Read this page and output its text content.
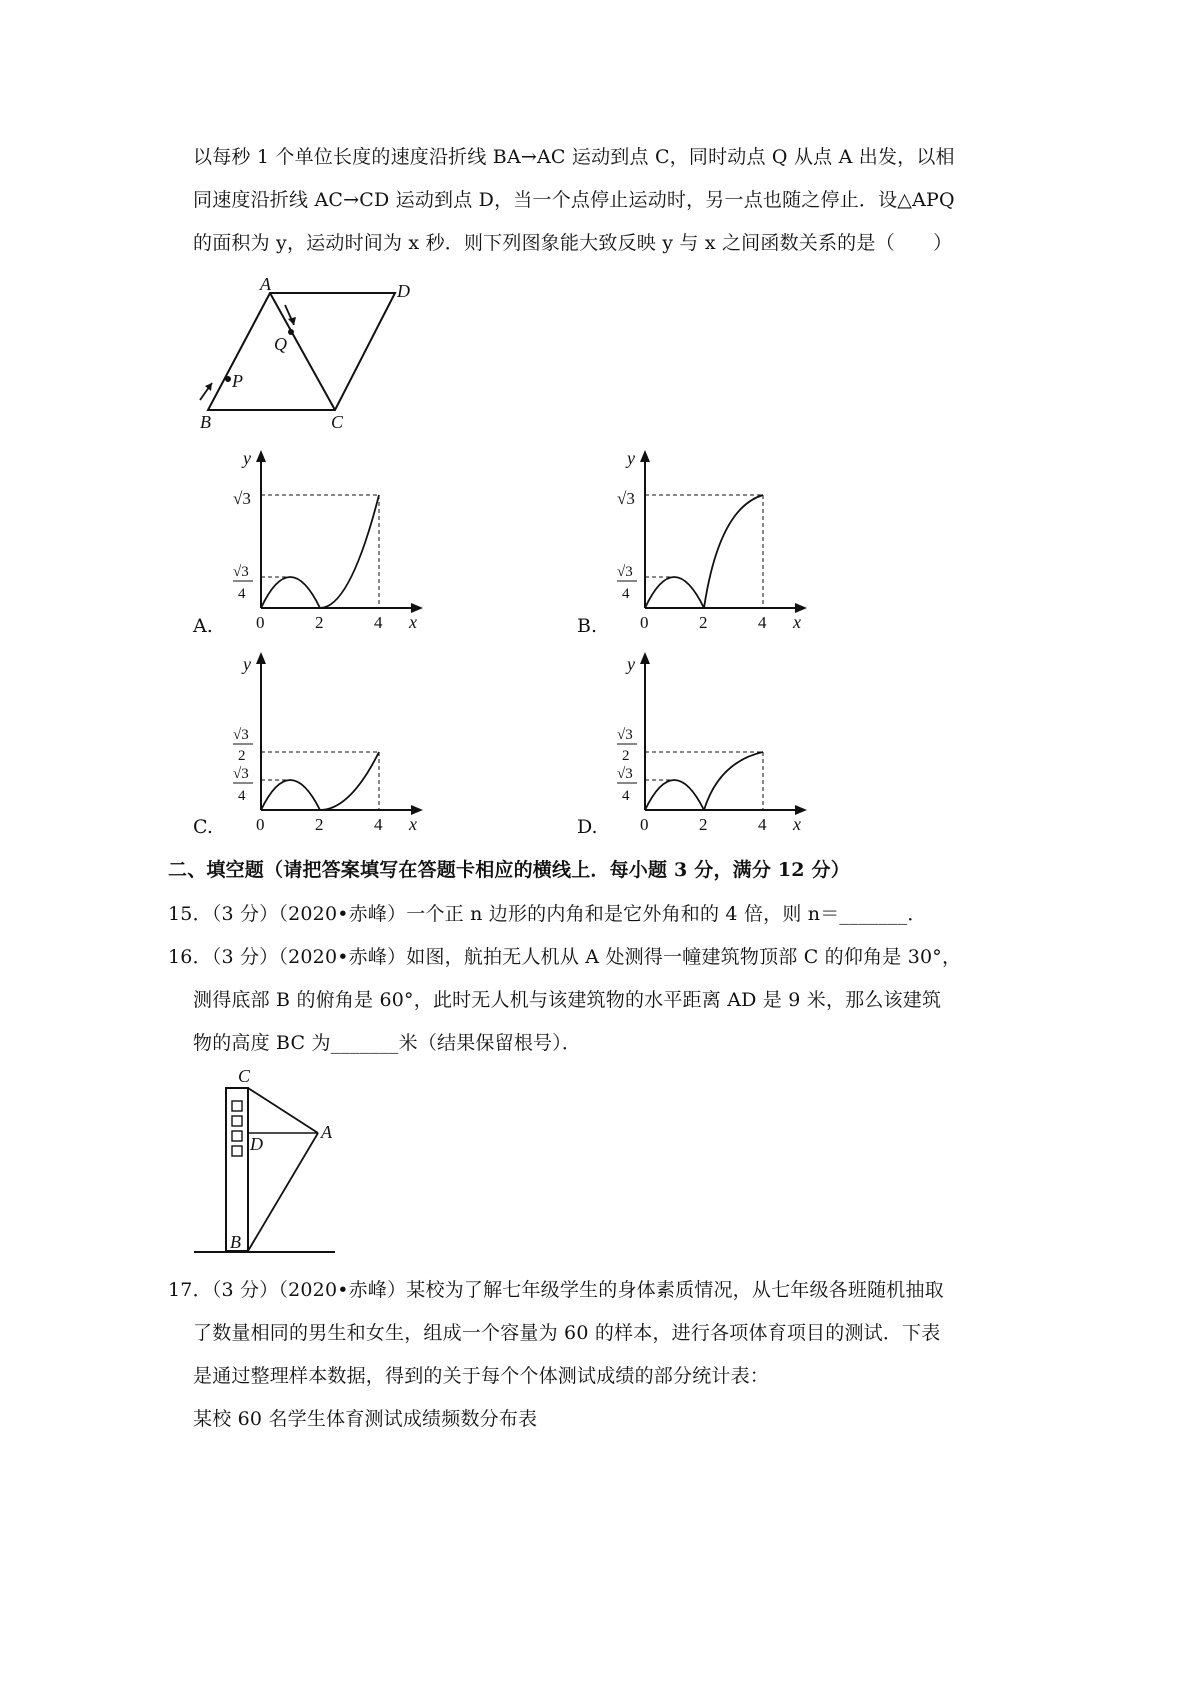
以每秒 1 个单位长度的速度沿折线 BA→AC 运动到点 C，同时动点 Q 从点 A 出发，以相
同速度沿折线 AC→CD 运动到点 D，当一个点停止运动时，另一点也随之停止．设△APQ
的面积为 y，运动时间为 x 秒．则下列图象能大致反映 y 与 x 之间函数关系的是（　　）
A	D
Q
P
B	C
A.	B.
C.	D.
y
√3
√3
4
0	2	4 x
y
√3
√3
4
0	2	4 x
y
√3
2
√3
4
0	2	4 x
y
√3
2
√3
4
0	2	4 x
二、填空题（请把答案填写在答题卡相应的横线上．每小题 3 分，满分 12 分）
15．（3 分）（2020•赤峰）一个正 n 边形的内角和是它外角和的 4 倍，则 n＝_______．
16．（3 分）（2020•赤峰）如图，航拍无人机从 A 处测得一幢建筑物顶部 C 的仰角是 30°，
测得底部 B 的俯角是 60°，此时无人机与该建筑物的水平距离 AD 是 9 米，那么该建筑
物的高度 BC 为_______米（结果保留根号）．
C
D
A
B
17．（3 分）（2020•赤峰）某校为了解七年级学生的身体素质情况，从七年级各班随机抽取
了数量相同的男生和女生，组成一个容量为 60 的样本，进行各项体育项目的测试．下表
是通过整理样本数据，得到的关于每个个体测试成绩的部分统计表：
某校 60 名学生体育测试成绩频数分布表
